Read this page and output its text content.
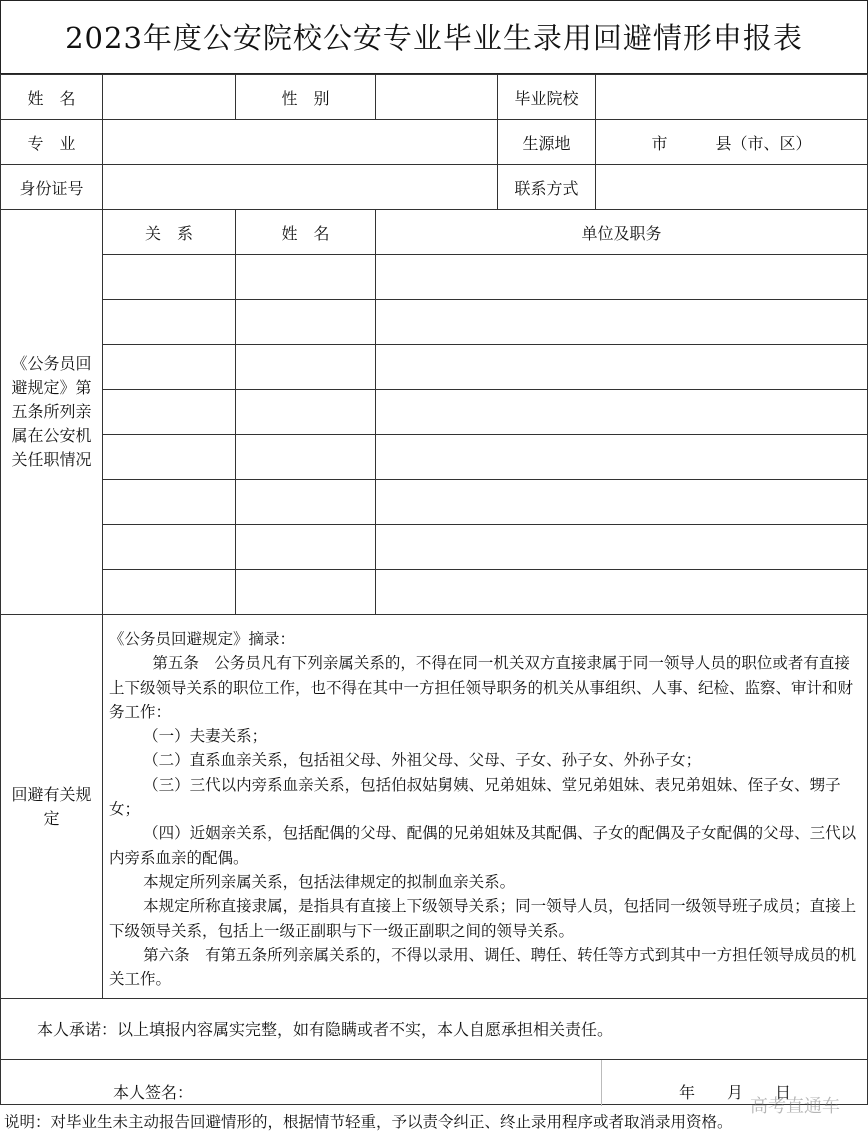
2023年度公安院校公安专业毕业生录用回避情形申报表
姓　名	性　别	毕业院校
专　业	生源地	市　　　县（市、区）
身份证号	联系方式
《公务员回避规定》第五条所列亲属在公安机关任职情况
关　系	姓　名	单位及职务
回避有关规定

《公务员回避规定》摘录：

第五条　公务员凡有下列亲属关系的，不得在同一机关双方直接隶属于同一领导人员的职位或者有直接上下级领导关系的职位工作，也不得在其中一方担任领导职务的机关从事组织、人事、纪检、监察、审计和财务工作：

（一）夫妻关系；

（二）直系血亲关系，包括祖父母、外祖父母、父母、子女、孙子女、外孙子女；

（三）三代以内旁系血亲关系，包括伯叔姑舅姨、兄弟姐妹、堂兄弟姐妹、表兄弟姐妹、侄子女、甥子女；

（四）近姻亲关系，包括配偶的父母、配偶的兄弟姐妹及其配偶、子女的配偶及子女配偶的父母、三代以内旁系血亲的配偶。

本规定所列亲属关系，包括法律规定的拟制血亲关系。

本规定所称直接隶属，是指具有直接上下级领导关系；同一领导人员，包括同一级领导班子成员；直接上下级领导关系，包括上一级正副职与下一级正副职之间的领导关系。

第六条　有第五条所列亲属关系的，不得以录用、调任、聘任、转任等方式到其中一方担任领导成员的机关工作。

本人承诺：以上填报内容属实完整，如有隐瞒或者不实，本人自愿承担相关责任。
本人签名：	年　　月　　日
说明：对毕业生未主动报告回避情形的，根据情节轻重，予以责令纠正、终止录用程序或者取消录用资格。
高考直通车
